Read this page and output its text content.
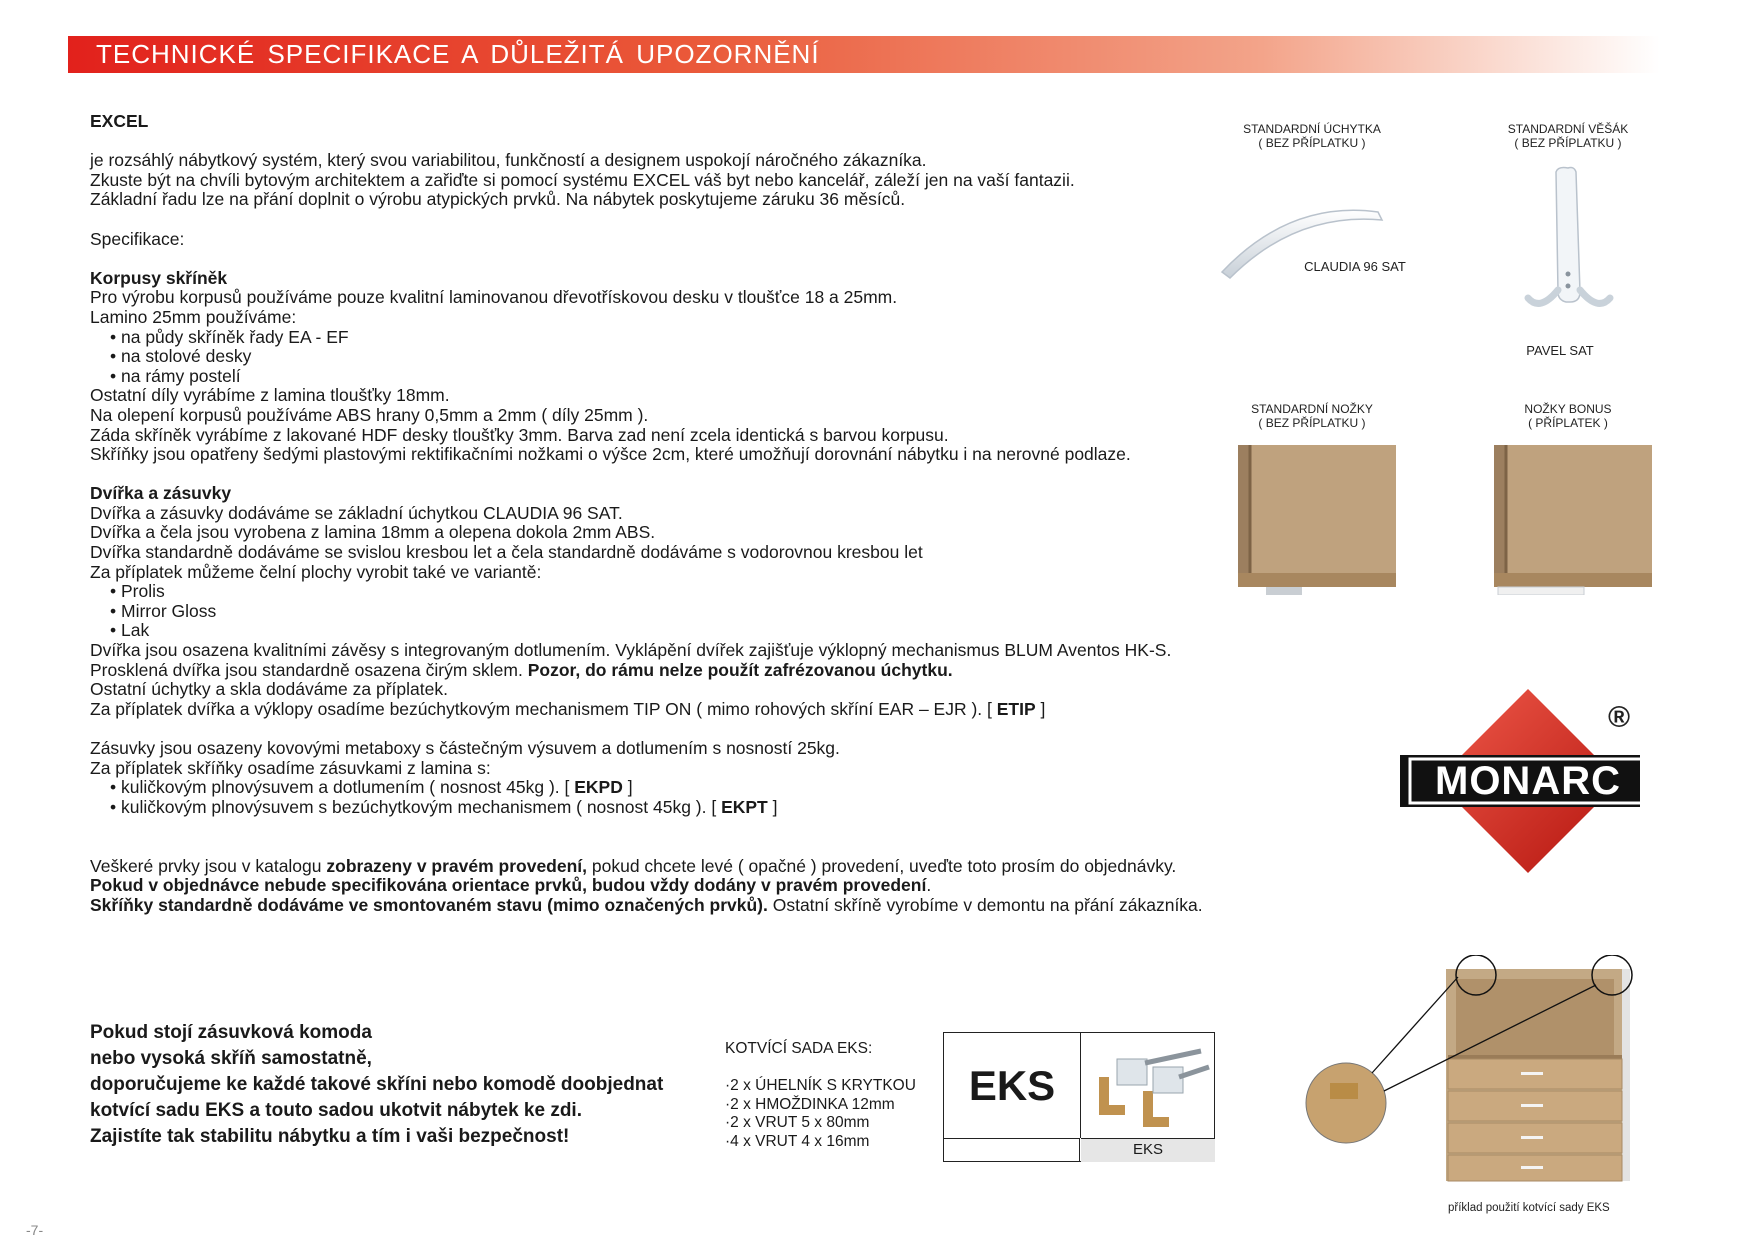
TECHNICKÉ SPECIFIKACE A DŮLEŽITÁ UPOZORNĚNÍ

EXCEL

je rozsáhlý nábytkový systém, který svou variabilitou, funkčností a designem uspokojí náročného zákazníka.

Zkuste být na chvíli bytovým architektem a zařiďte si pomocí systému EXCEL váš byt nebo kancelář, záleží jen na vaší fantazii.

Základní řadu lze na přání doplnit o výrobu atypických prvků. Na nábytek poskytujeme záruku 36 měsíců.

Specifikace:

Korpusy skříněk

Pro výrobu korpusů používáme pouze kvalitní laminovanou dřevotřískovou desku v tloušťce 18 a 25mm.

Lamino 25mm používáme:

• na půdy skříněk řady EA - EF

• na stolové desky

• na rámy postelí

Ostatní díly vyrábíme z lamina tloušťky 18mm.

Na olepení korpusů používáme ABS hrany 0,5mm a 2mm ( díly 25mm ).

Záda skříněk vyrábíme z lakované HDF desky tloušťky 3mm. Barva zad není zcela identická s barvou korpusu.

Skříňky jsou opatřeny šedými plastovými rektifikačními nožkami o výšce 2cm, které umožňují dorovnání nábytku i na nerovné podlaze.

Dvířka a zásuvky

Dvířka a zásuvky dodáváme se základní úchytkou CLAUDIA 96 SAT.

Dvířka a čela jsou vyrobena z lamina 18mm a olepena dokola 2mm ABS.

Dvířka standardně dodáváme se svislou kresbou let a čela standardně dodáváme s vodorovnou kresbou let

Za příplatek můžeme čelní plochy vyrobit také ve variantě:

• Prolis

• Mirror Gloss

• Lak

Dvířka jsou osazena kvalitními závěsy s integrovaným dotlumením. Vyklápění dvířek zajišťuje výklopný mechanismus BLUM Aventos HK-S.

Prosklená dvířka jsou standardně osazena čirým sklem. Pozor, do rámu nelze použít zafrézovanou úchytku.

Ostatní úchytky a skla dodáváme za příplatek.

Za příplatek dvířka a výklopy osadíme bezúchytkovým mechanismem TIP ON ( mimo rohových skříní EAR – EJR ). [ ETIP ]

Zásuvky jsou osazeny kovovými metaboxy s částečným výsuvem a dotlumením s nosností 25kg.

Za příplatek skříňky osadíme zásuvkami z lamina s:

• kuličkovým plnovýsuvem a dotlumením ( nosnost 45kg ). [ EKPD ]

• kuličkovým plnovýsuvem s bezúchytkovým mechanismem ( nosnost 45kg ). [ EKPT ]

Veškeré prvky jsou v katalogu zobrazeny v pravém provedení, pokud chcete levé ( opačné ) provedení, uveďte toto prosím do objednávky.

Pokud v objednávce nebude specifikována orientace prvků, budou vždy dodány v pravém provedení.

Skříňky standardně dodáváme ve smontovaném stavu (mimo označených prvků). Ostatní skříně vyrobíme v demontu na přání zákazníka.

STANDARDNÍ ÚCHYTKA
( BEZ PŘÍPLATKU )
CLAUDIA 96 SAT
STANDARDNÍ VĚŠÁK
( BEZ PŘÍPLATKU )
PAVEL SAT
STANDARDNÍ NOŽKY
( BEZ PŘÍPLATKU )
NOŽKY BONUS
( PŘÍPLATEK )
MONARC
®
Pokud stojí zásuvková komoda
nebo vysoká skříň samostatně,
doporučujeme ke každé takové skříni nebo komodě doobjednat
kotvící sadu EKS a touto sadou ukotvit nábytek ke zdi.
Zajistíte tak stabilitu nábytku a tím i vaši bezpečnost!
KOTVÍCÍ SADA EKS:
·2 x ÚHELNÍK S KRYTKOU
·2 x HMOŽDINKA 12mm
·2 x VRUT 5 x 80mm
·4 x VRUT 4 x 16mm
EKS
EKS
příklad použití kotvící sady EKS
-7-
